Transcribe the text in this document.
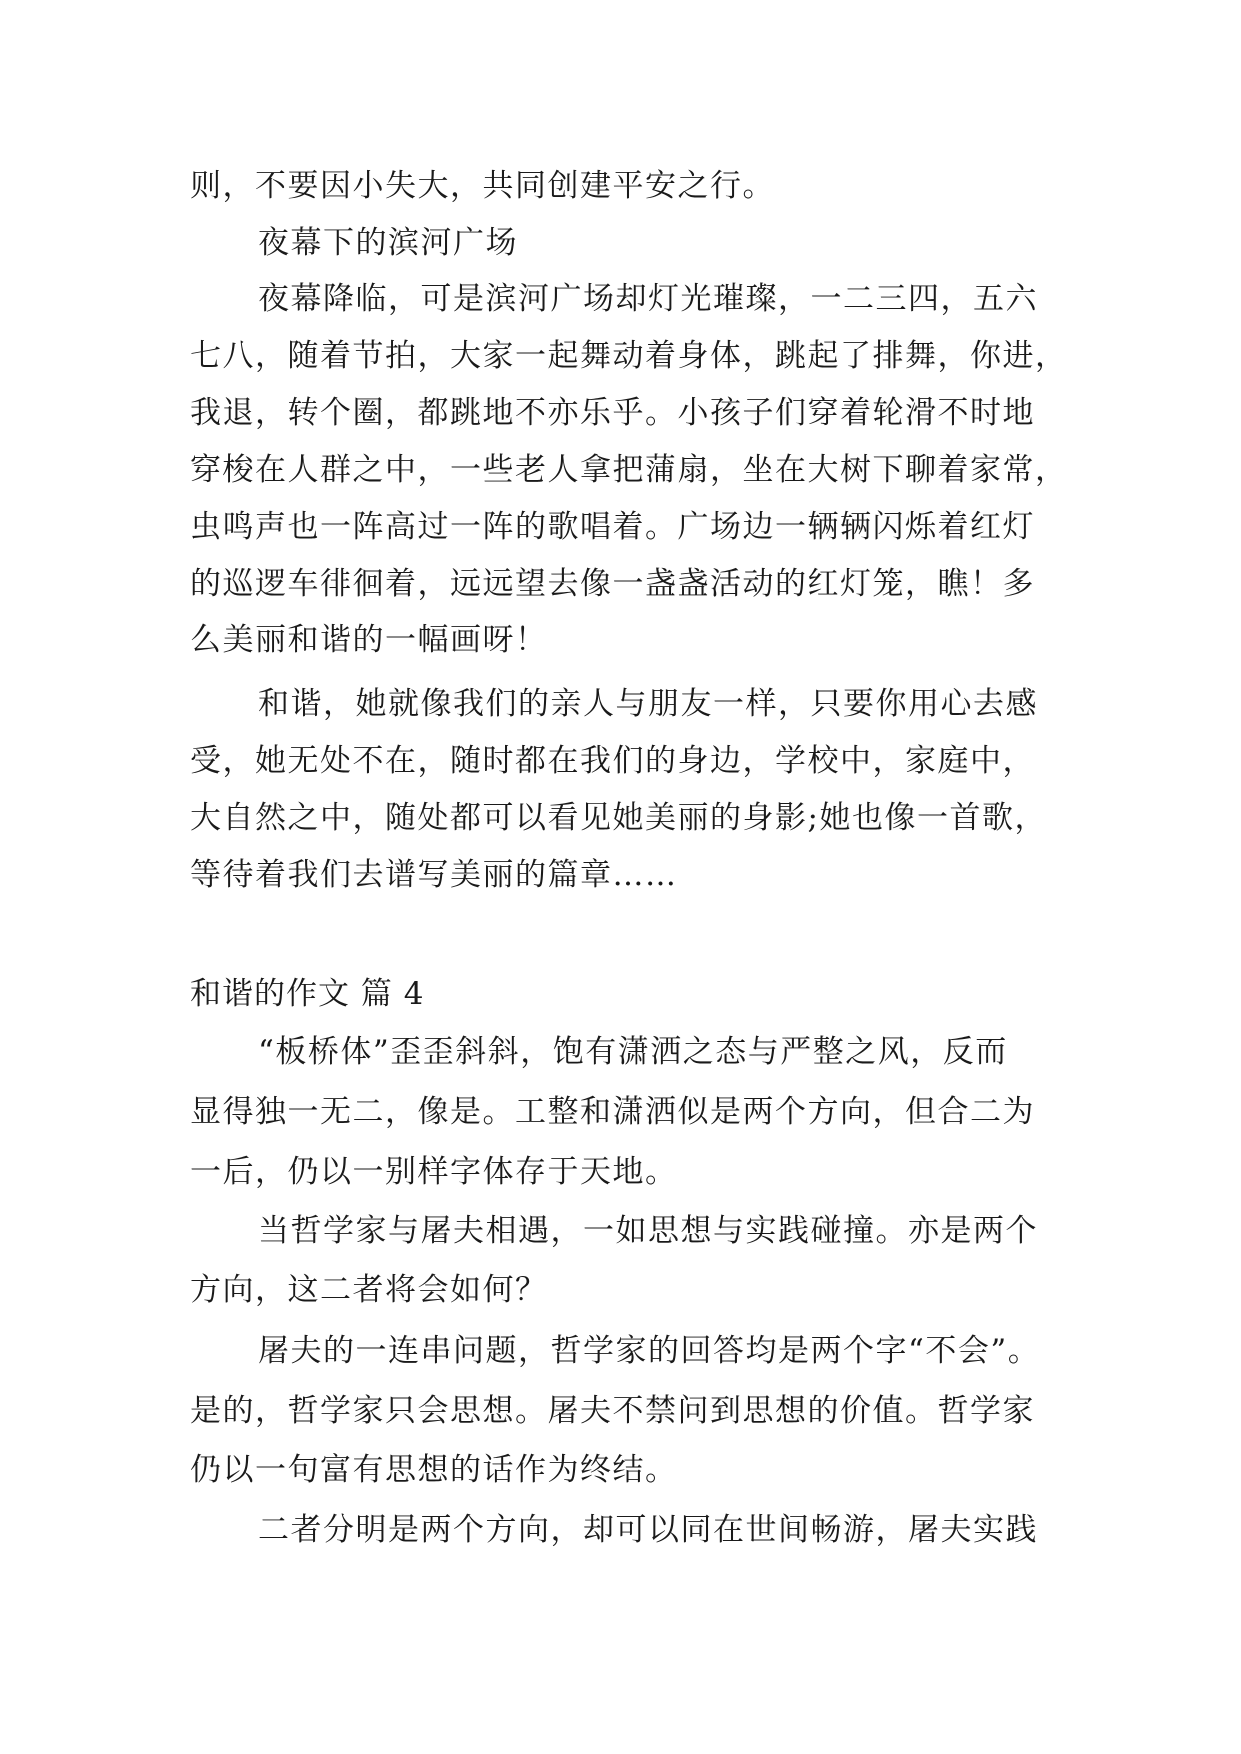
则，不要因小失大，共同创建平安之行。
夜幕下的滨河广场
夜幕降临，可是滨河广场却灯光璀璨，一二三四，五六
七八，随着节拍，大家一起舞动着身体，跳起了排舞，你进，
我退，转个圈，都跳地不亦乐乎。小孩子们穿着轮滑不时地
穿梭在人群之中，一些老人拿把蒲扇，坐在大树下聊着家常，
虫鸣声也一阵高过一阵的歌唱着。广场边一辆辆闪烁着红灯
的巡逻车徘徊着，远远望去像一盏盏活动的红灯笼，瞧！多
么美丽和谐的一幅画呀！
和谐，她就像我们的亲人与朋友一样，只要你用心去感
受，她无处不在，随时都在我们的身边，学校中，家庭中，
大自然之中，随处都可以看见她美丽的身影;她也像一首歌，
等待着我们去谱写美丽的篇章……
和谐的作文 篇 4
“板桥体”歪歪斜斜，饱有潇洒之态与严整之风，反而
显得独一无二，像是。工整和潇洒似是两个方向，但合二为
一后，仍以一别样字体存于天地。
当哲学家与屠夫相遇，一如思想与实践碰撞。亦是两个
方向，这二者将会如何？
屠夫的一连串问题，哲学家的回答均是两个字“不会”。
是的，哲学家只会思想。屠夫不禁问到思想的价值。哲学家
仍以一句富有思想的话作为终结。
二者分明是两个方向，却可以同在世间畅游，屠夫实践
